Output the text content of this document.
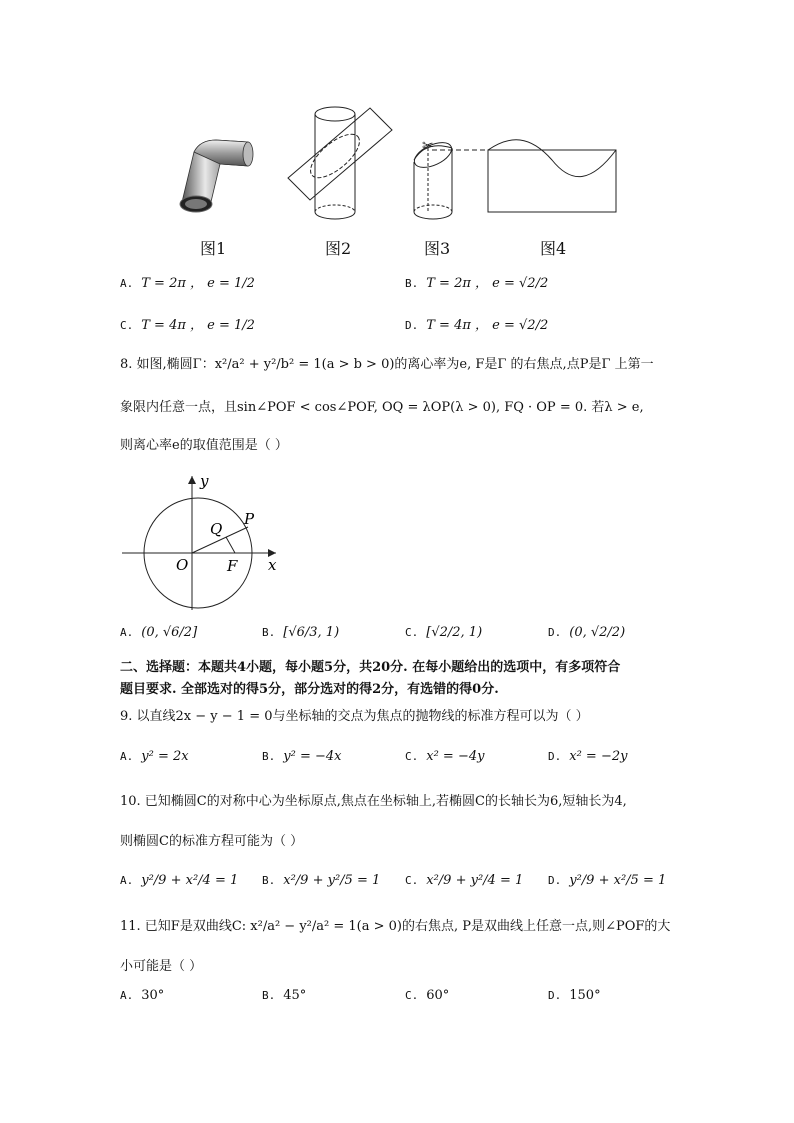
✂
图1	图2	图3	图4
A. T = 2π ， e = 1/2	B. T = 2π ， e = √2/2
C. T = 4π ， e = 1/2	D. T = 4π ， e = √2/2
8. 如图,椭圆Γ：x²/a² + y²/b² = 1(a > b > 0)的离心率为e, F是Γ 的右焦点,点P是Γ 上第一
象限内任意一点，且sin∠POF < cos∠POF, OQ = λOP(λ > 0), FQ · OP = 0. 若λ > e,
则离心率e的取值范围是（ ）
y
x
O	F
Q
P
A. (0, √6/2]	B. [√6/3, 1)	C. [√2/2, 1)	D. (0, √2/2)
二、选择题：本题共4小题，每小题5分，共20分. 在每小题给出的选项中，有多项符合
题目要求. 全部选对的得5分，部分选对的得2分，有选错的得0分.
9. 以直线2x − y − 1 = 0与坐标轴的交点为焦点的抛物线的标准方程可以为（ ）
A. y² = 2x	B. y² = −4x	C. x² = −4y	D. x² = −2y
10. 已知椭圆C的对称中心为坐标原点,焦点在坐标轴上,若椭圆C的长轴长为6,短轴长为4,
则椭圆C的标准方程可能为（ ）
A. y²/9 + x²/4 = 1 B. x²/9 + y²/5 = 1 C. x²/9 + y²/4 = 1 D. y²/9 + x²/5 = 1
11. 已知F是双曲线C: x²/a² − y²/a² = 1(a > 0)的右焦点, P是双曲线上任意一点,则∠POF的大
小可能是（ ）
A. 30°	B. 45°	C. 60°	D. 150°
